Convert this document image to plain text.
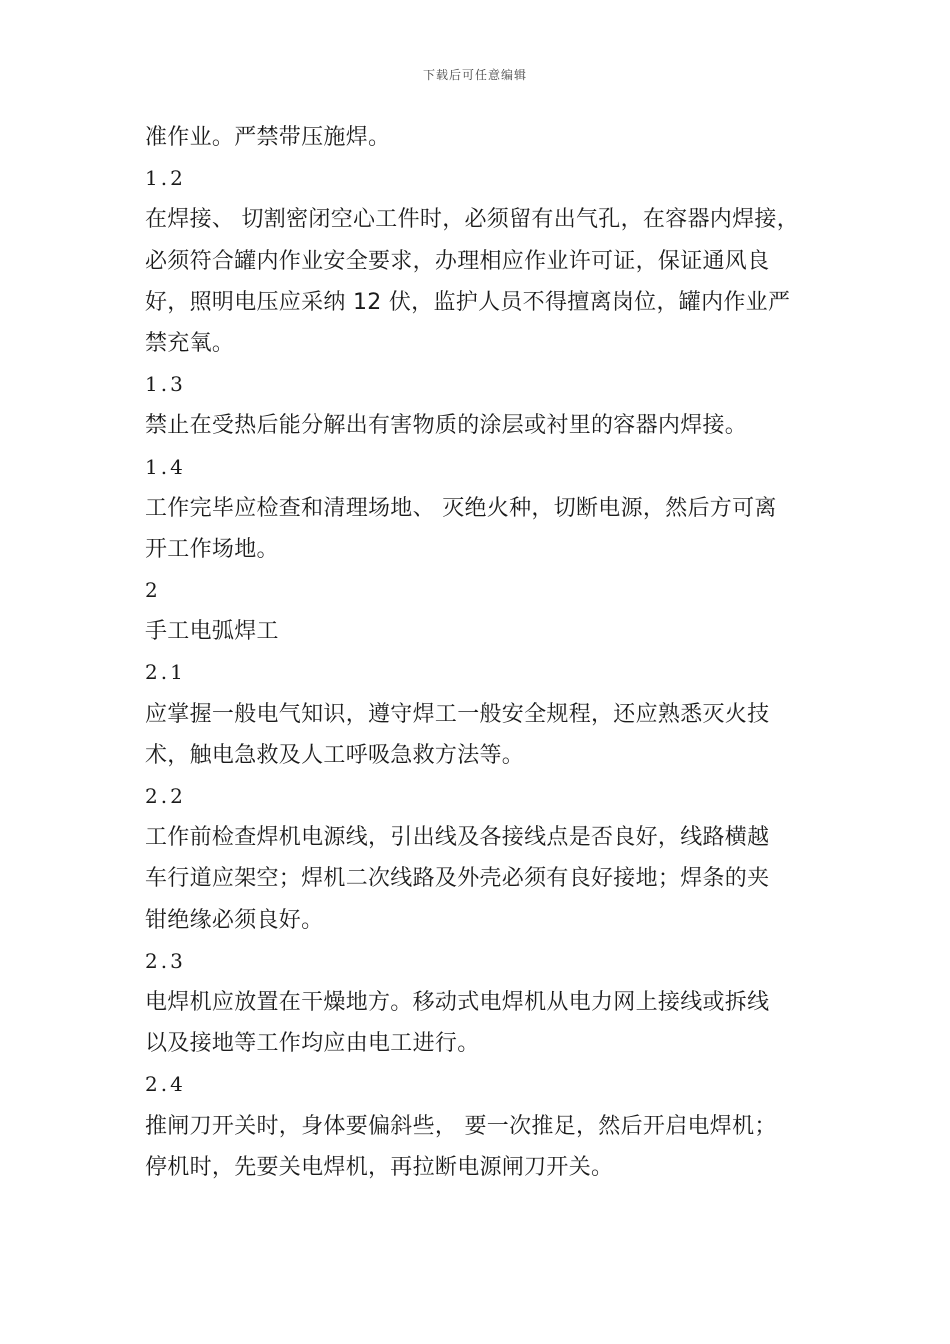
下载后可任意编辑
准作业。严禁带压施焊。
1.2
在焊接、 切割密闭空心工件时，必须留有出气孔，在容器内焊接，
必须符合罐内作业安全要求，办理相应作业许可证，保证通风良
好，照明电压应采纳 12 伏，监护人员不得擅离岗位，罐内作业严
禁充氧。
1.3
禁止在受热后能分解出有害物质的涂层或衬里的容器内焊接。
1.4
工作完毕应检查和清理场地、 灭绝火种，切断电源，然后方可离
开工作场地。
2
手工电弧焊工
2.1
应掌握一般电气知识，遵守焊工一般安全规程，还应熟悉灭火技
术，触电急救及人工呼吸急救方法等。
2.2
工作前检查焊机电源线，引出线及各接线点是否良好，线路横越
车行道应架空；焊机二次线路及外壳必须有良好接地；焊条的夹
钳绝缘必须良好。
2.3
电焊机应放置在干燥地方。移动式电焊机从电力网上接线或拆线
以及接地等工作均应由电工进行。
2.4
推闸刀开关时，身体要偏斜些， 要一次推足，然后开启电焊机；
停机时，先要关电焊机，再拉断电源闸刀开关。
